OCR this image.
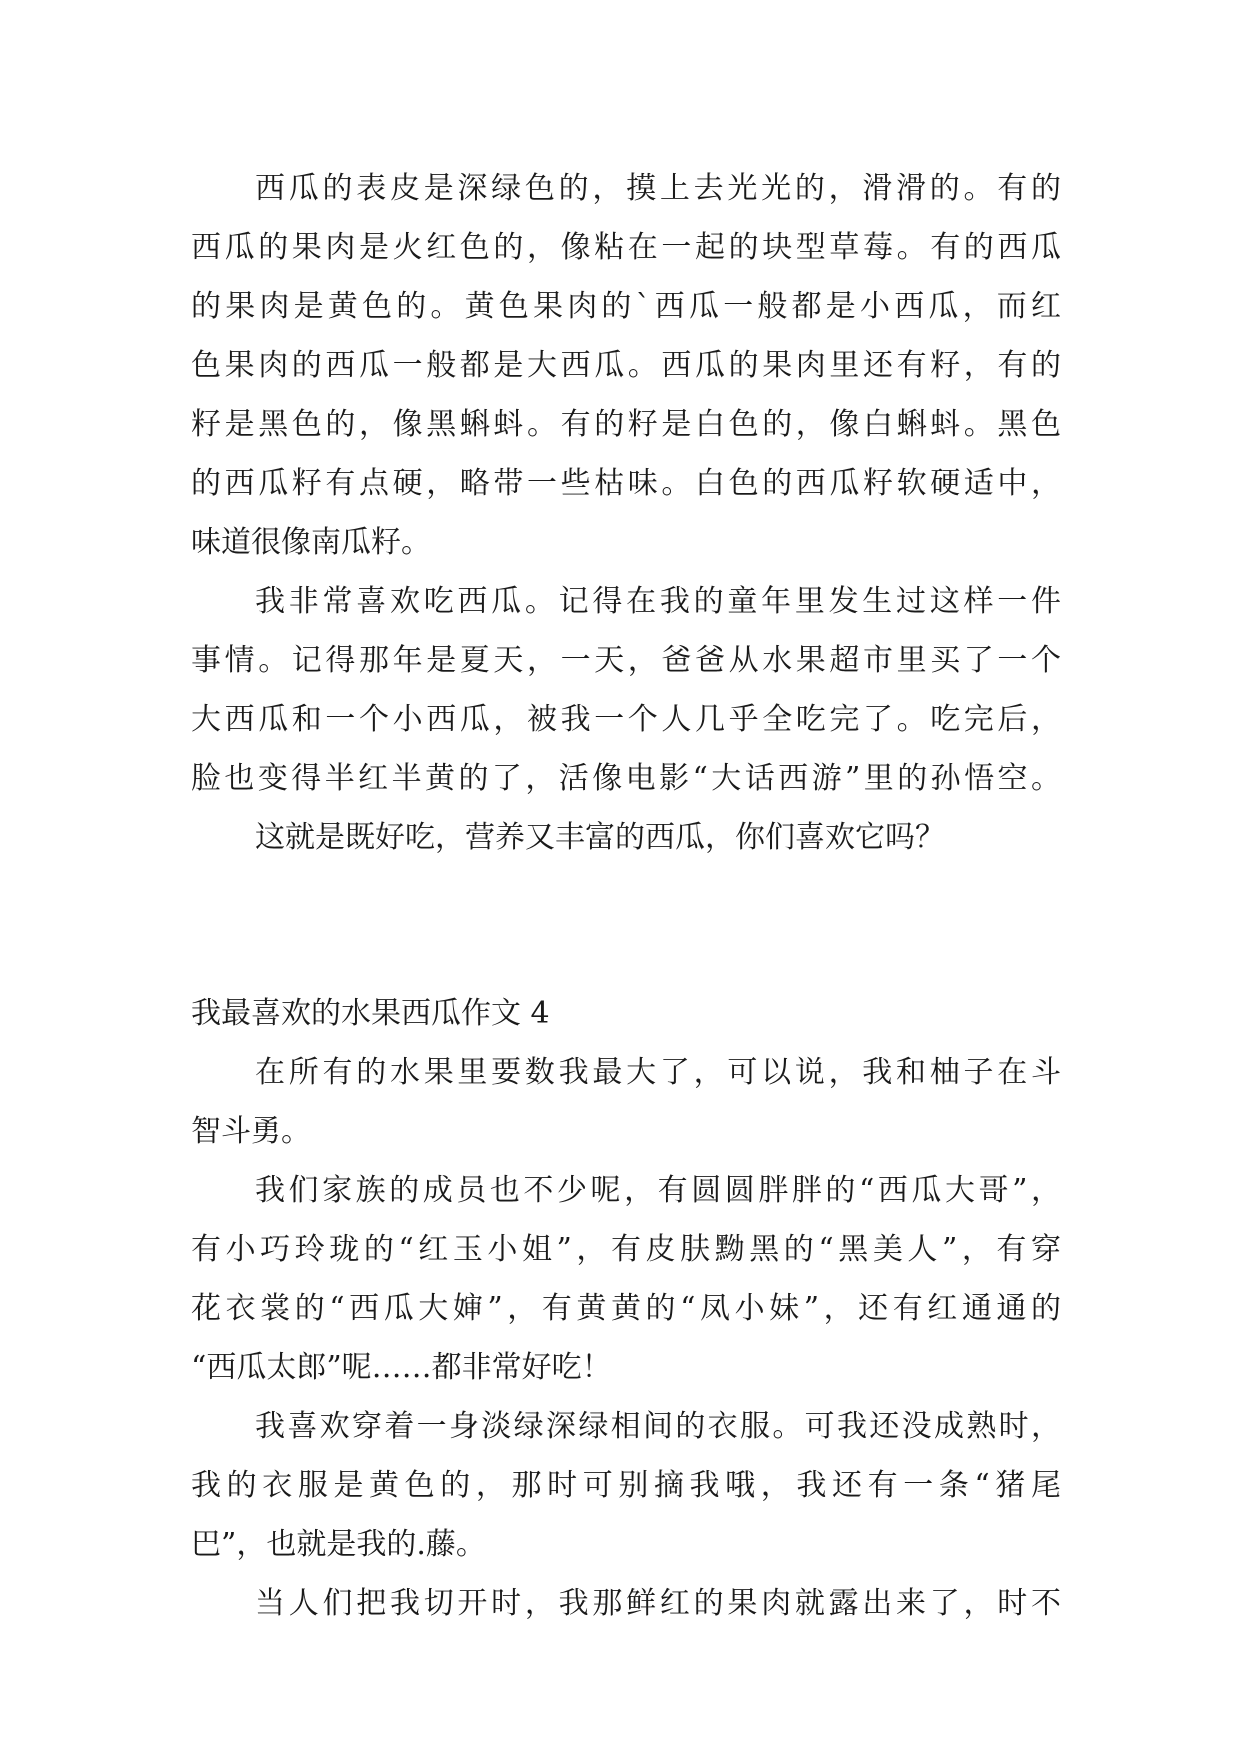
西瓜的表皮是深绿色的，摸上去光光的，滑滑的。有的
西瓜的果肉是火红色的，像粘在一起的块型草莓。有的西瓜
的果肉是黄色的。黄色果肉的`西瓜一般都是小西瓜，而红
色果肉的西瓜一般都是大西瓜。西瓜的果肉里还有籽，有的
籽是黑色的，像黑蝌蚪。有的籽是白色的，像白蝌蚪。黑色
的西瓜籽有点硬，略带一些枯味。白色的西瓜籽软硬适中，
味道很像南瓜籽。
我非常喜欢吃西瓜。记得在我的童年里发生过这样一件
事情。记得那年是夏天，一天，爸爸从水果超市里买了一个
大西瓜和一个小西瓜，被我一个人几乎全吃完了。吃完后，
脸也变得半红半黄的了，活像电影“大话西游”里的孙悟空。
这就是既好吃，营养又丰富的西瓜，你们喜欢它吗？
我最喜欢的水果西瓜作文 4
在所有的水果里要数我最大了，可以说，我和柚子在斗
智斗勇。
我们家族的成员也不少呢，有圆圆胖胖的“西瓜大哥”，
有小巧玲珑的“红玉小姐”，有皮肤黝黑的“黑美人”，有穿
花衣裳的“西瓜大婶”，有黄黄的“凤小妹”，还有红通通的
“西瓜太郎”呢……都非常好吃！
我喜欢穿着一身淡绿深绿相间的衣服。可我还没成熟时，
我的衣服是黄色的，那时可别摘我哦，我还有一条“猪尾
巴”，也就是我的.藤。
当人们把我切开时，我那鲜红的果肉就露出来了，时不
